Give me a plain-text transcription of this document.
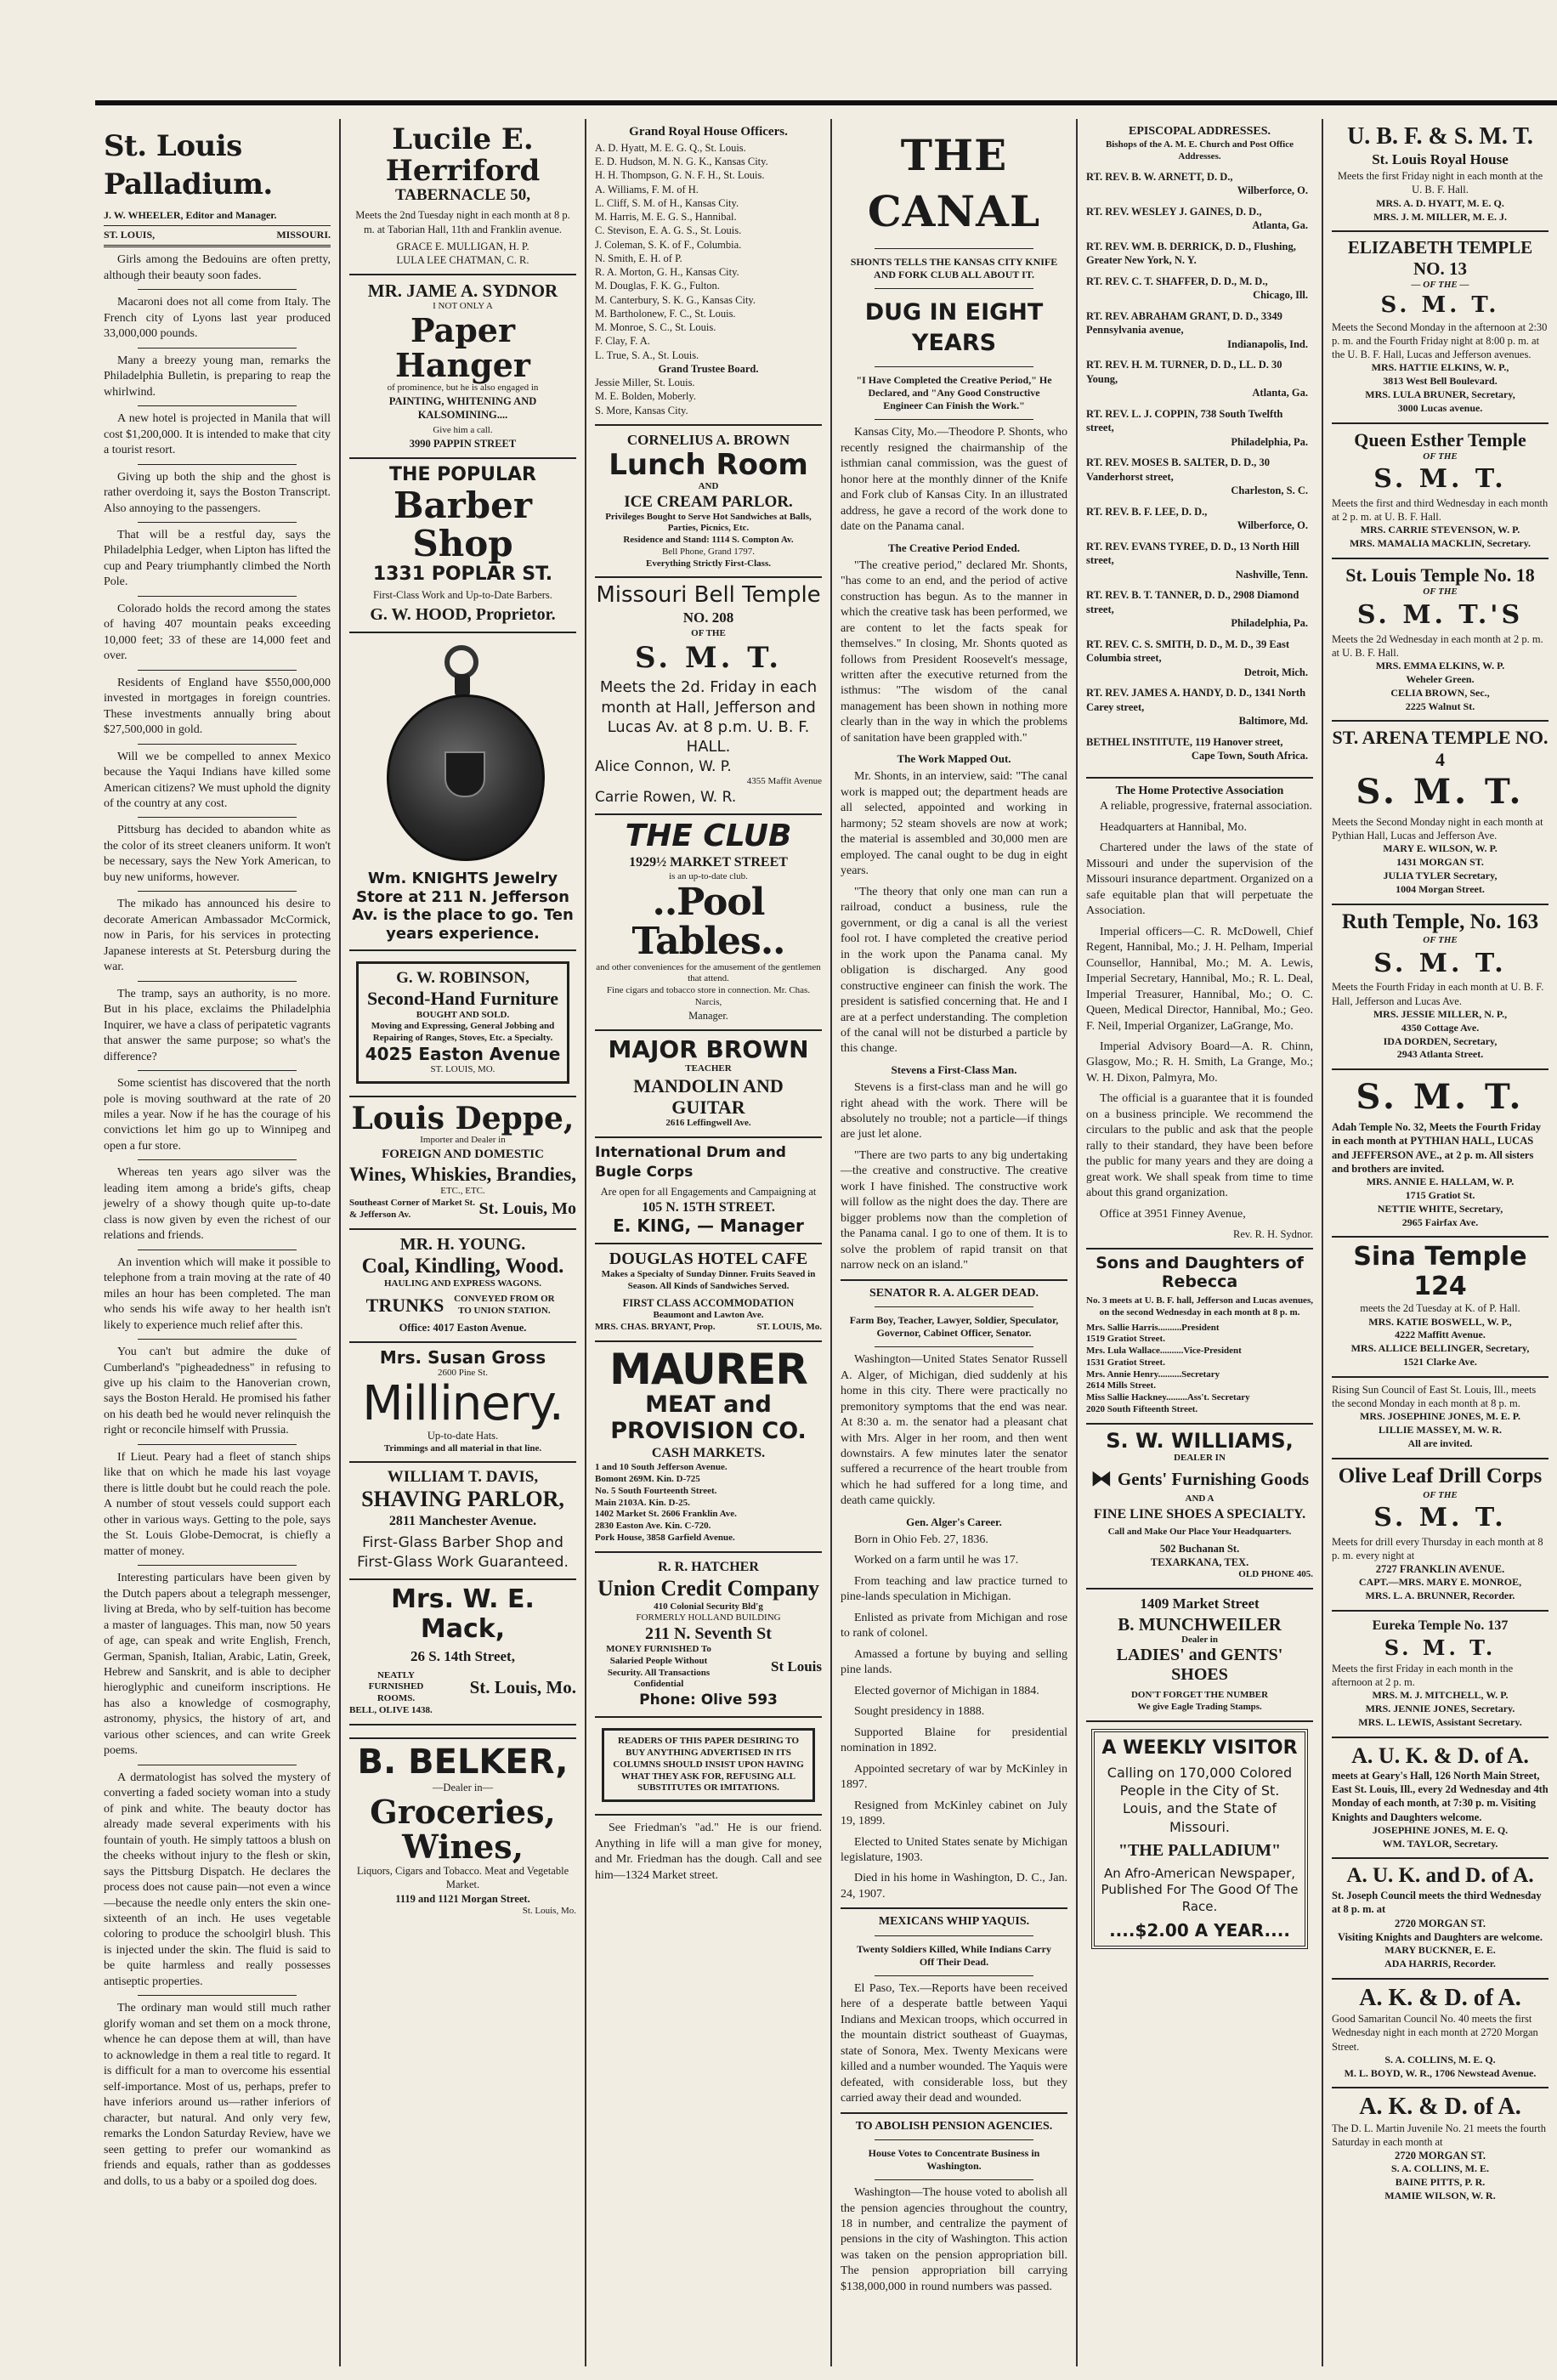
St. Louis Palladium.
J. W. WHEELER, Editor and Manager.
ST. LOUIS,	MISSOURI.
Girls among the Bedouins are often pretty, although their beauty soon fades.
Macaroni does not all come from Italy. The French city of Lyons last year produced 33,000,000 pounds.
Many a breezy young man, remarks the Philadelphia Bulletin, is preparing to reap the whirlwind.
A new hotel is projected in Manila that will cost $1,200,000. It is intended to make that city a tourist resort.
Giving up both the ship and the ghost is rather overdoing it, says the Boston Transcript. Also annoying to the passengers.
That will be a restful day, says the Philadelphia Ledger, when Lipton has lifted the cup and Peary triumphantly climbed the North Pole.
Colorado holds the record among the states of having 407 mountain peaks exceeding 10,000 feet; 33 of these are 14,000 feet and over.
Residents of England have $550,000,000 invested in mortgages in foreign countries. These investments annually bring about $27,500,000 in gold.
Will we be compelled to annex Mexico because the Yaqui Indians have killed some American citizens? We must uphold the dignity of the country at any cost.
Pittsburg has decided to abandon white as the color of its street cleaners uniform. It won't be necessary, says the New York American, to buy new uniforms, however.
The mikado has announced his desire to decorate American Ambassador McCormick, now in Paris, for his services in protecting Japanese interests at St. Petersburg during the war.
The tramp, says an authority, is no more. But in his place, exclaims the Philadelphia Inquirer, we have a class of peripatetic vagrants that answer the same purpose; so what's the difference?
Some scientist has discovered that the north pole is moving southward at the rate of 20 miles a year. Now if he has the courage of his convictions let him go up to Winnipeg and open a fur store.
Whereas ten years ago silver was the leading item among a bride's gifts, cheap jewelry of a showy though quite up-to-date class is now given by even the richest of our relations and friends.
An invention which will make it possible to telephone from a train moving at the rate of 40 miles an hour has been completed. The man who sends his wife away to her health isn't likely to experience much relief after this.
You can't but admire the duke of Cumberland's "pigheadedness" in refusing to give up his claim to the Hanoverian crown, says the Boston Herald. He promised his father on his death bed he would never relinquish the right or reconcile himself with Prussia.
If Lieut. Peary had a fleet of stanch ships like that on which he made his last voyage there is little doubt but he could reach the pole. A number of stout vessels could support each other in various ways. Getting to the pole, says the St. Louis Globe-Democrat, is chiefly a matter of money.
Interesting particulars have been given by the Dutch papers about a telegraph messenger, living at Breda, who by self-tuition has become a master of languages. This man, now 50 years of age, can speak and write English, French, German, Spanish, Italian, Arabic, Latin, Greek, Hebrew and Sanskrit, and is able to decipher hieroglyphic and cuneiform inscriptions. He has also a knowledge of cosmography, astronomy, physics, the history of art, and various other sciences, and can write Greek poems.
A dermatologist has solved the mystery of converting a faded society woman into a study of pink and white. The beauty doctor has already made several experiments with his fountain of youth. He simply tattoos a blush on the cheeks without injury to the flesh or skin, says the Pittsburg Dispatch. He declares the process does not cause pain—not even a wince—because the needle only enters the skin one-sixteenth of an inch. He uses vegetable coloring to produce the schoolgirl blush. This is injected under the skin. The fluid is said to be quite harmless and really possesses antiseptic properties.
The ordinary man would still much rather glorify woman and set them on a mock throne, whence he can depose them at will, than have to acknowledge in them a real title to regard. It is difficult for a man to overcome his essential self-importance. Most of us, perhaps, prefer to have inferiors around us—rather inferiors of character, but natural. And only very few, remarks the London Saturday Review, have we seen getting to prefer our womankind as friends and equals, rather than as goddesses and dolls, to us a baby or a spoiled dog does.
Lucile E. Herriford
TABERNACLE 50,
Meets the 2nd Tuesday night in each month at 8 p. m. at Taborian Hall, 11th and Franklin avenue.
GRACE E. MULLIGAN, H. P.
LULA LEE CHATMAN, C. R.
MR. JAME A. SYDNOR
I NOT ONLY A
Paper Hanger
of prominence, but he is also engaged in
PAINTING, WHITENING AND KALSOMINING....
Give him a call.
3990 PAPPIN STREET
THE POPULAR
Barber Shop
1331 POPLAR ST.
First-Class Work and Up-to-Date Barbers.
G. W. HOOD, Proprietor.
Wm. KNIGHTS Jewelry Store at 211 N. Jefferson Av. is the place to go. Ten years experience.
G. W. ROBINSON,
Second-Hand Furniture
BOUGHT AND SOLD.
Moving and Expressing, General Jobbing and Repairing of Ranges, Stoves, Etc. a Specialty.
4025 Easton Avenue
ST. LOUIS, MO.
Louis Deppe,
Importer and Dealer in
FOREIGN AND DOMESTIC
Wines, Whiskies, Brandies,
ETC., ETC.
Southeast Corner of Market St. & Jefferson Av.	St. Louis, Mo
MR. H. YOUNG.
Coal, Kindling, Wood.
HAULING AND EXPRESS WAGONS.
TRUNKS	CONVEYED FROM OR TO UNION STATION.
Office: 4017 Easton Avenue.
Mrs. Susan Gross
2600 Pine St.
Millinery.
Up-to-date Hats.
Trimmings and all material in that line.
WILLIAM T. DAVIS,
SHAVING PARLOR,
2811 Manchester Avenue.
First-Glass Barber Shop and First-Glass Work Guaranteed.
Mrs. W. E. Mack,
26 S. 14th Street,
NEATLY FURNISHED ROOMS.
St. Louis, Mo.
BELL, OLIVE 1438.
B. BELKER,
—Dealer in—
Groceries, Wines,
Liquors, Cigars and Tobacco. Meat and Vegetable Market.
1119 and 1121 Morgan Street.
St. Louis, Mo.
Grand Royal House Officers.
A. D. Hyatt, M. E. G. Q., St. Louis.
E. D. Hudson, M. N. G. K., Kansas City.
H. H. Thompson, G. N. F. H., St. Louis.
A. Williams, F. M. of H.
L. Cliff, S. M. of H., Kansas City.
M. Harris, M. E. G. S., Hannibal.
C. Stevison, E. A. G. S., St. Louis.
J. Coleman, S. K. of F., Columbia.
N. Smith, E. H. of P.
R. A. Morton, G. H., Kansas City.
M. Douglas, F. K. G., Fulton.
M. Canterbury, S. K. G., Kansas City.
M. Bartholonew, F. C., St. Louis.
M. Monroe, S. C., St. Louis.
F. Clay, F. A.
L. True, S. A., St. Louis.
Grand Trustee Board.
Jessie Miller, St. Louis.
M. E. Bolden, Moberly.
S. More, Kansas City.
CORNELIUS A. BROWN
Lunch Room
AND
ICE CREAM PARLOR.
Privileges Bought to Serve Hot Sandwiches at Balls, Parties, Picnics, Etc.
Residence and Stand: 1114 S. Compton Av.
Bell Phone, Grand 1797.
Everything Strictly First-Class.
Missouri Bell Temple
NO. 208
OF THE
S. M. T.
Meets the 2d. Friday in each month at Hall, Jefferson and Lucas Av. at 8 p.m. U. B. F. HALL.
Alice Connon, W. P.
4355 Maffit Avenue
Carrie Rowen, W. R.
THE CLUB
1929½ MARKET STREET
is an up-to-date club.
..Pool Tables..
and other conveniences for the amusement of the gentlemen that attend.
Fine cigars and tobacco store in connection. Mr. Chas. Narcis,
Manager.
MAJOR BROWN
TEACHER
MANDOLIN AND GUITAR
2616 Leffingwell Ave.
International Drum and Bugle Corps
Are open for all Engagements and Campaigning at
105 N. 15TH STREET.
E. KING, — Manager
DOUGLAS HOTEL CAFE
Makes a Specialty of Sunday Dinner. Fruits Seaved in Season. All Kinds of Sandwiches Served.
FIRST CLASS ACCOMMODATION
Beaumont and Lawton Ave.
MRS. CHAS. BRYANT, Prop.	ST. LOUIS, Mo.
MAURER
MEAT and PROVISION CO.
CASH MARKETS.
1 and 10 South Jefferson Avenue.
Bomont 269M. Kin. D-725
No. 5 South Fourteenth Street.
Main 2103A. Kin. D-25.
1402 Market St. 2606 Franklin Ave.
2830 Easton Ave. Kin. C-720.
Pork House, 3858 Garfield Avenue.
R. R. HATCHER
Union Credit Company
410 Colonial Security Bld'g
FORMERLY HOLLAND BUILDING
211 N. Seventh St
MONEY FURNISHED To Salaried People Without Security. All Transactions Confidential
St Louis
Phone: Olive 593
READERS OF THIS PAPER DESIRING TO BUY ANYTHING ADVERTISED IN ITS COLUMNS SHOULD INSIST UPON HAVING WHAT THEY ASK FOR, REFUSING ALL SUBSTITUTES OR IMITATIONS.
See Friedman's "ad." He is our friend. Anything in life will a man give for money, and Mr. Friedman has the dough. Call and see him—1324 Market street.
THE CANAL
SHONTS TELLS THE KANSAS CITY KNIFE AND FORK CLUB ALL ABOUT IT.
DUG IN EIGHT YEARS
"I Have Completed the Creative Period," He Declared, and "Any Good Constructive Engineer Can Finish the Work."
Kansas City, Mo.—Theodore P. Shonts, who recently resigned the chairmanship of the isthmian canal commission, was the guest of honor here at the monthly dinner of the Knife and Fork club of Kansas City. In an illustrated address, he gave a record of the work done to date on the Panama canal.
The Creative Period Ended.
"The creative period," declared Mr. Shonts, "has come to an end, and the period of active construction has begun. As to the manner in which the creative task has been performed, we are content to let the facts speak for themselves." In closing, Mr. Shonts quoted as follows from President Roosevelt's message, written after the executive returned from the isthmus: "The wisdom of the canal management has been shown in nothing more clearly than in the way in which the problems of sanitation have been grappled with."
The Work Mapped Out.
Mr. Shonts, in an interview, said: "The canal work is mapped out; the department heads are all selected, appointed and working in harmony; 52 steam shovels are now at work; the material is assembled and 30,000 men are employed. The canal ought to be dug in eight years.
"The theory that only one man can run a railroad, conduct a business, rule the government, or dig a canal is all the veriest fool rot. I have completed the creative period in the work upon the Panama canal. My obligation is discharged. Any good constructive engineer can finish the work. The president is satisfied concerning that. He and I are at a perfect understanding. The completion of the canal will not be disturbed a particle by this change.
Stevens a First-Class Man.
Stevens is a first-class man and he will go right ahead with the work. There will be absolutely no trouble; not a particle—if things are just let alone.
"There are two parts to any big undertaking—the creative and constructive. The creative work I have finished. The constructive work will follow as the night does the day. There are bigger problems now than the completion of the Panama canal. I go to one of them. It is to solve the problem of rapid transit on that narrow neck on an island."
SENATOR R. A. ALGER DEAD.
Farm Boy, Teacher, Lawyer, Soldier, Speculator, Governor, Cabinet Officer, Senator.
Washington—United States Senator Russell A. Alger, of Michigan, died suddenly at his home in this city. There were practically no premonitory symptoms that the end was near. At 8:30 a. m. the senator had a pleasant chat with Mrs. Alger in her room, and then went downstairs. A few minutes later the senator suffered a recurrence of the heart trouble from which he had suffered for a long time, and death came quickly.
Gen. Alger's Career.
Born in Ohio Feb. 27, 1836.
Worked on a farm until he was 17.
From teaching and law practice turned to pine-lands speculation in Michigan.
Enlisted as private from Michigan and rose to rank of colonel.
Amassed a fortune by buying and selling pine lands.
Elected governor of Michigan in 1884.
Sought presidency in 1888.
Supported Blaine for presidential nomination in 1892.
Appointed secretary of war by McKinley in 1897.
Resigned from McKinley cabinet on July 19, 1899.
Elected to United States senate by Michigan legislature, 1903.
Died in his home in Washington, D. C., Jan. 24, 1907.
MEXICANS WHIP YAQUIS.
Twenty Soldiers Killed, While Indians Carry Off Their Dead.
El Paso, Tex.—Reports have been received here of a desperate battle between Yaqui Indians and Mexican troops, which occurred in the mountain district southeast of Guaymas, state of Sonora, Mex. Twenty Mexicans were killed and a number wounded. The Yaquis were defeated, with considerable loss, but they carried away their dead and wounded.
TO ABOLISH PENSION AGENCIES.
House Votes to Concentrate Business in Washington.
Washington—The house voted to abolish all the pension agencies throughout the country, 18 in number, and centralize the payment of pensions in the city of Washington. This action was taken on the pension appropriation bill. The pension appropriation bill carrying $138,000,000 in round numbers was passed.
EPISCOPAL ADDRESSES.
Bishops of the A. M. E. Church and Post Office Addresses.
RT. REV. B. W. ARNETT, D. D.,
Wilberforce, O.
RT. REV. WESLEY J. GAINES, D. D.,
Atlanta, Ga.
RT. REV. WM. B. DERRICK, D. D., Flushing, Greater New York, N. Y.
RT. REV. C. T. SHAFFER, D. D., M. D.,
Chicago, Ill.
RT. REV. ABRAHAM GRANT, D. D., 3349 Pennsylvania avenue,
Indianapolis, Ind.
RT. REV. H. M. TURNER, D. D., LL. D. 30 Young,
Atlanta, Ga.
RT. REV. L. J. COPPIN, 738 South Twelfth street,
Philadelphia, Pa.
RT. REV. MOSES B. SALTER, D. D., 30 Vanderhorst street,
Charleston, S. C.
RT. REV. B. F. LEE, D. D.,
Wilberforce, O.
RT. REV. EVANS TYREE, D. D., 13 North Hill street,
Nashville, Tenn.
RT. REV. B. T. TANNER, D. D., 2908 Diamond street,
Philadelphia, Pa.
RT. REV. C. S. SMITH, D. D., M. D., 39 East Columbia street,
Detroit, Mich.
RT. REV. JAMES A. HANDY, D. D., 1341 North Carey street,
Baltimore, Md.
BETHEL INSTITUTE, 119 Hanover street,
Cape Town, South Africa.
The Home Protective Association
A reliable, progressive, fraternal association.
Headquarters at Hannibal, Mo.
Chartered under the laws of the state of Missouri and under the supervision of the Missouri insurance department. Organized on a safe equitable plan that will perpetuate the Association.
Imperial officers—C. R. McDowell, Chief Regent, Hannibal, Mo.; J. H. Pelham, Imperial Counsellor, Hannibal, Mo.; M. A. Lewis, Imperial Secretary, Hannibal, Mo.; R. L. Deal, Imperial Treasurer, Hannibal, Mo.; O. C. Queen, Medical Director, Hannibal, Mo.; Geo. F. Neil, Imperial Organizer, LaGrange, Mo.
Imperial Advisory Board—A. R. Chinn, Glasgow, Mo.; R. H. Smith, La Grange, Mo.; W. H. Dixon, Palmyra, Mo.
The official is a guarantee that it is founded on a business principle. We recommend the circulars to the public and ask that the people rally to their standard, they have been before the public for many years and they are doing a great work. We shall speak from time to time about this grand organization.
Office at 3951 Finney Avenue,
Rev. R. H. Sydnor.
Sons and Daughters of Rebecca
No. 3 meets at U. B. F. hall, Jefferson and Lucas avenues, on the second Wednesday in each month at 8 p. m.
Mrs. Sallie Harris..........President
1519 Gratiot Street.
Mrs. Lula Wallace..........Vice-President
1531 Gratiot Street.
Mrs. Annie Henry..........Secretary
2614 Mills Street.
Miss Sallie Hackney.........Ass't. Secretary
2020 South Fifteenth Street.
S. W. WILLIAMS,
DEALER IN
⧓ Gents' Furnishing Goods
AND A
FINE LINE SHOES A SPECIALTY.
Call and Make Our Place Your Headquarters.
502 Buchanan St.
TEXARKANA, TEX.
OLD PHONE 405.
1409 Market Street
B. MUNCHWEILER
Dealer in
LADIES' and GENTS' SHOES
DON'T FORGET THE NUMBER
We give Eagle Trading Stamps.
A WEEKLY VISITOR
Calling on 170,000 Colored People in the City of St. Louis, and the State of Missouri.
"THE PALLADIUM"
An Afro-American Newspaper, Published For The Good Of The Race.
....$2.00 A YEAR....
U. B. F. & S. M. T.
St. Louis Royal House
Meets the first Friday night in each month at the U. B. F. Hall.
MRS. A. D. HYATT, M. E. Q.
MRS. J. M. MILLER, M. E. J.
ELIZABETH TEMPLE NO. 13
— OF THE —
S. M. T.
Meets the Second Monday in the afternoon at 2:30 p. m. and the Fourth Friday night at 8:00 p. m. at the U. B. F. Hall, Lucas and Jefferson avenues.
MRS. HATTIE ELKINS, W. P.,
3813 West Bell Boulevard.
MRS. LULA BRUNER, Secretary,
3000 Lucas avenue.
Queen Esther Temple
OF THE
S. M. T.
Meets the first and third Wednesday in each month at 2 p. m. at U. B. F. Hall.
MRS. CARRIE STEVENSON, W. P.
MRS. MAMALIA MACKLIN, Secretary.
St. Louis Temple No. 18
OF THE
S. M. T.'S
Meets the 2d Wednesday in each month at 2 p. m. at U. B. F. Hall.
MRS. EMMA ELKINS, W. P.
Weheler Green.
CELIA BROWN, Sec.,
2225 Walnut St.
ST. ARENA TEMPLE NO. 4
S. M. T.
Meets the Second Monday night in each month at Pythian Hall, Lucas and Jefferson Ave.
MARY E. WILSON, W. P.
1431 MORGAN ST.
JULIA TYLER Secretary,
1004 Morgan Street.
Ruth Temple, No. 163
OF THE
S. M. T.
Meets the Fourth Friday in each month at U. B. F. Hall, Jefferson and Lucas Ave.
MRS. JESSIE MILLER, N. P.,
4350 Cottage Ave.
IDA DORDEN, Secretary,
2943 Atlanta Street.
S. M. T.
Adah Temple No. 32, Meets the Fourth Friday in each month at PYTHIAN HALL, LUCAS and JEFFERSON AVE., at 2 p. m. All sisters and brothers are invited.
MRS. ANNIE E. HALLAM, W. P.
1715 Gratiot St.
NETTIE WHITE, Secretary,
2965 Fairfax Ave.
Sina Temple 124
meets the 2d Tuesday at K. of P. Hall.
MRS. KATIE BOSWELL, W. P.,
4222 Maffitt Avenue.
MRS. ALLICE BELLINGER, Secretary,
1521 Clarke Ave.
Rising Sun Council of East St. Louis, Ill., meets the second Monday in each month at 8 p. m.
MRS. JOSEPHINE JONES, M. E. P.
LILLIE MASSEY, M. W. R.
All are invited.
Olive Leaf Drill Corps
OF THE
S. M. T.
Meets for drill every Thursday in each month at 8 p. m. every night at
2727 FRANKLIN AVENUE.
CAPT.—MRS. MARY E. MONROE,
MRS. L. A. BRUNNER, Recorder.
Eureka Temple No. 137
S. M. T.
Meets the first Friday in each month in the afternoon at 2 p. m.
MRS. M. J. MITCHELL, W. P.
MRS. JENNIE JONES, Secretary.
MRS. L. LEWIS, Assistant Secretary.
A. U. K. & D. of A.
meets at Geary's Hall, 126 North Main Street, East St. Louis, Ill., every 2d Wednesday and 4th Monday of each month, at 7:30 p. m. Visiting Knights and Daughters welcome.
JOSEPHINE JONES, M. E. Q.
WM. TAYLOR, Secretary.
A. U. K. and D. of A.
St. Joseph Council meets the third Wednesday at 8 p. m. at
2720 MORGAN ST.
Visiting Knights and Daughters are welcome.
MARY BUCKNER, E. E.
ADA HARRIS, Recorder.
A. K. & D. of A.
Good Samaritan Council No. 40 meets the first Wednesday night in each month at 2720 Morgan Street.
S. A. COLLINS, M. E. Q.
M. L. BOYD, W. R., 1706 Newstead Avenue.
A. K. & D. of A.
The D. L. Martin Juvenile No. 21 meets the fourth Saturday in each month at
2720 MORGAN ST.
S. A. COLLINS, M. E.
BAINE PITTS, P. R.
MAMIE WILSON, W. R.
